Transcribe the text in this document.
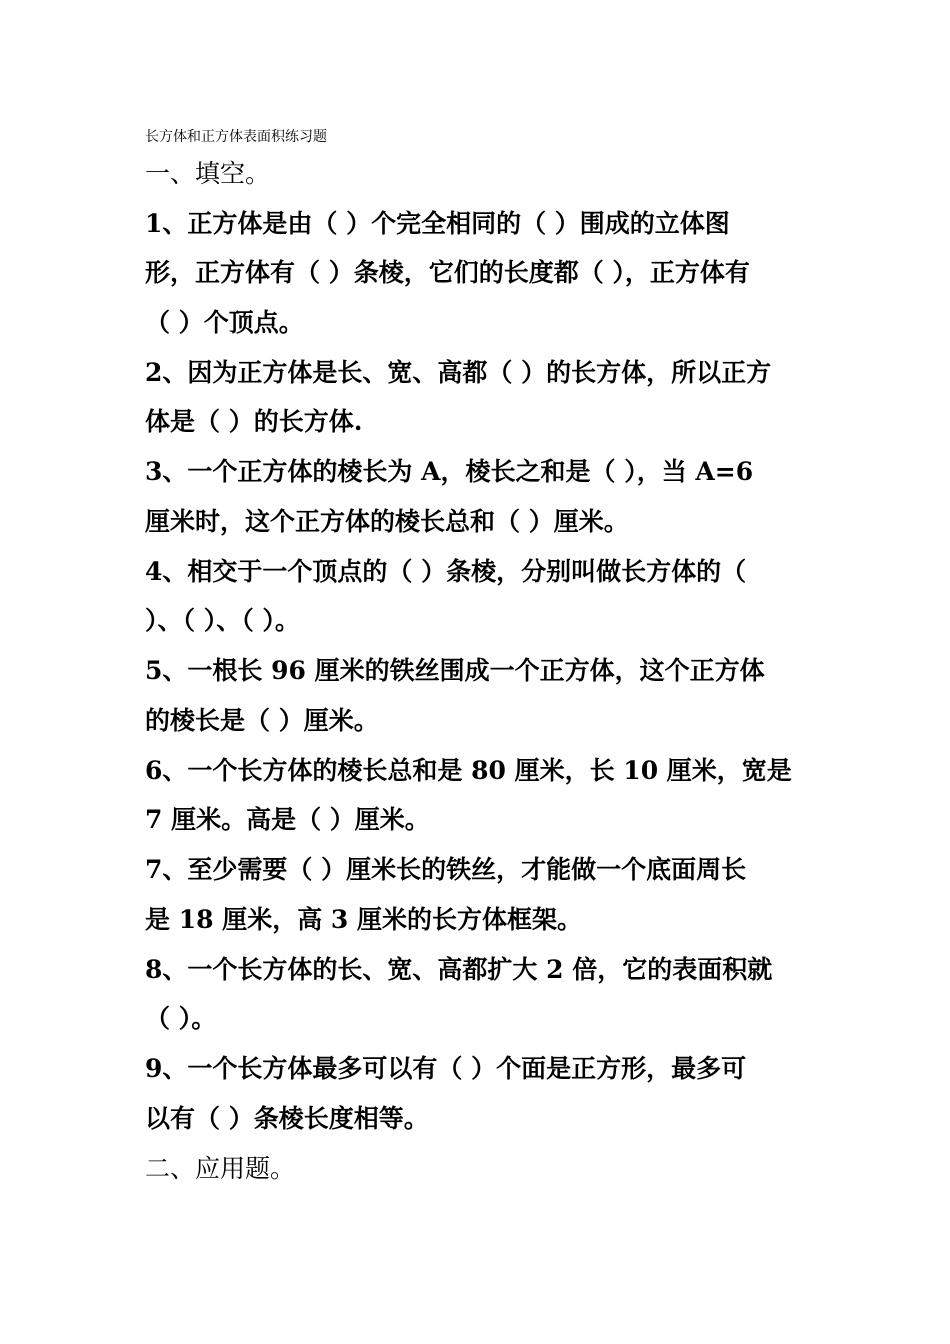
长方体和正方体表面积练习题
一、填空。
1、正方体是由（ ）个完全相同的（ ）围成的立体图
形，正方体有（ ）条棱，它们的长度都（ ），正方体有
（ ）个顶点。
2、因为正方体是长、宽、高都（ ）的长方体，所以正方
体是（ ）的长方体.
3、一个正方体的棱长为 A，棱长之和是（ ），当 A=6
厘米时，这个正方体的棱长总和（ ）厘米。
4、相交于一个顶点的（ ）条棱，分别叫做长方体的（
）、（ ）、（ ）。
5、一根长 96 厘米的铁丝围成一个正方体，这个正方体
的棱长是（ ）厘米。
6、一个长方体的棱长总和是 80 厘米，长 10 厘米，宽是
7 厘米。高是（ ）厘米。
7、至少需要（ ）厘米长的铁丝，才能做一个底面周长
是 18 厘米，高 3 厘米的长方体框架。
8、一个长方体的长、宽、高都扩大 2 倍，它的表面积就
（ ）。
9、一个长方体最多可以有（ ）个面是正方形，最多可
以有（ ）条棱长度相等。
二、应用题。
